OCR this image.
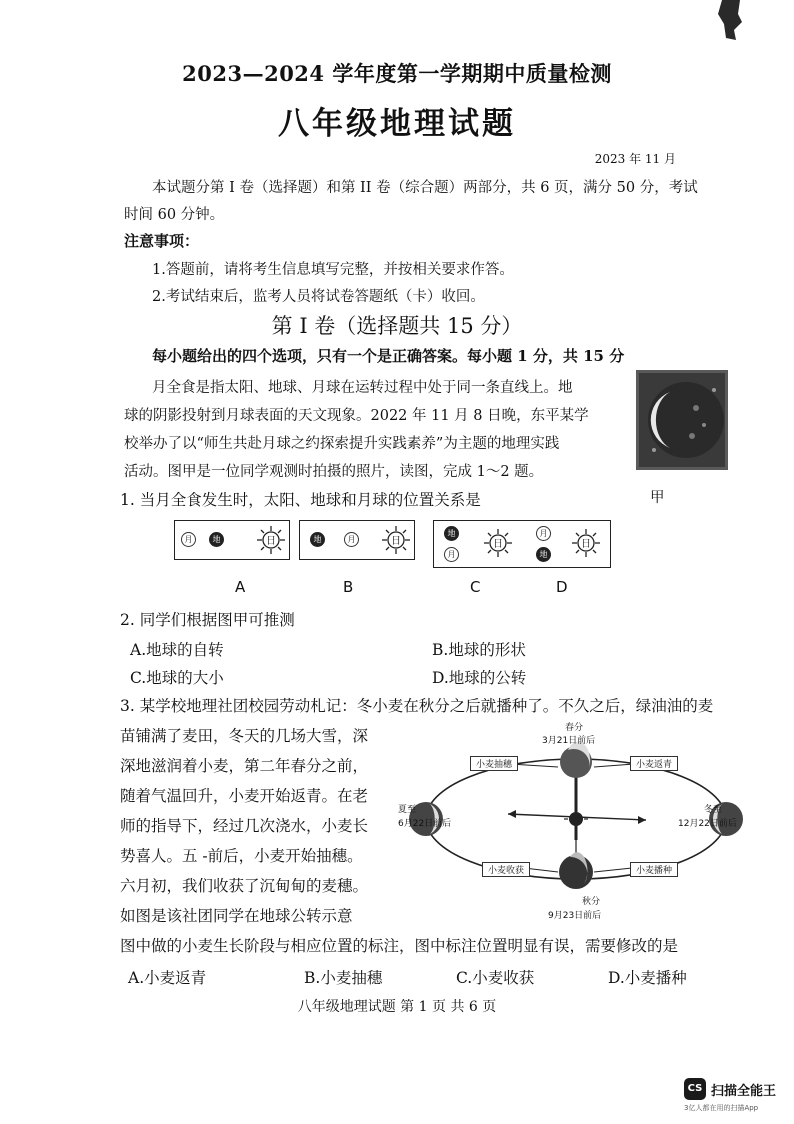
2023—2024 学年度第一学期期中质量检测
八年级地理试题
2023 年 11 月
本试题分第 I 卷（选择题）和第 II 卷（综合题）两部分，共 6 页，满分 50 分，考试
时间 60 分钟。
注意事项：
1.答题前，请将考生信息填写完整，并按相关要求作答。
2.考试结束后，监考人员将试卷答题纸（卡）收回。
第 I 卷（选择题共 15 分）
每小题给出的四个选项，只有一个是正确答案。每小题 1 分，共 15 分
月全食是指太阳、地球、月球在运转过程中处于同一条直线上。地
球的阴影投射到月球表面的天文现象。2022 年 11 月 8 日晚，东平某学
校举办了以“师生共赴月球之约探索提升实践素养”为主题的地理实践
活动。图甲是一位同学观测时拍摄的照片，读图，完成 1～2 题。
甲
1. 当月全食发生时，太阳、地球和月球的位置关系是
月	地	日	地	月	日
地
月
日
月
地
日
A	B	C	D
2. 同学们根据图甲可推测
A.地球的自转	B.地球的形状
C.地球的大小	D.地球的公转
3. 某学校地理社团校园劳动札记：冬小麦在秋分之后就播种了。不久之后，绿油油的麦
苗铺满了麦田，冬天的几场大雪，深
深地滋润着小麦，第二年春分之前，
随着气温回升，小麦开始返青。在老
师的指导下，经过几次浇水，小麦长
势喜人。五 -前后，小麦开始抽穗。
六月初，我们收获了沉甸甸的麦穗。
如图是该社团同学在地球公转示意
图中做的小麦生长阶段与相应位置的标注，图中标注位置明显有误，需要修改的是
春分
3月21日前后
夏至
6月22日前后
冬至
12月22日前后
秋分
9月23日前后
小麦抽穗	小麦返青
小麦收获	小麦播种
A.小麦返青	B.小麦抽穗	C.小麦收获	D.小麦播种
八年级地理试题 第 1 页 共 6 页
CS 扫描全能王
3亿人都在用的扫描App
